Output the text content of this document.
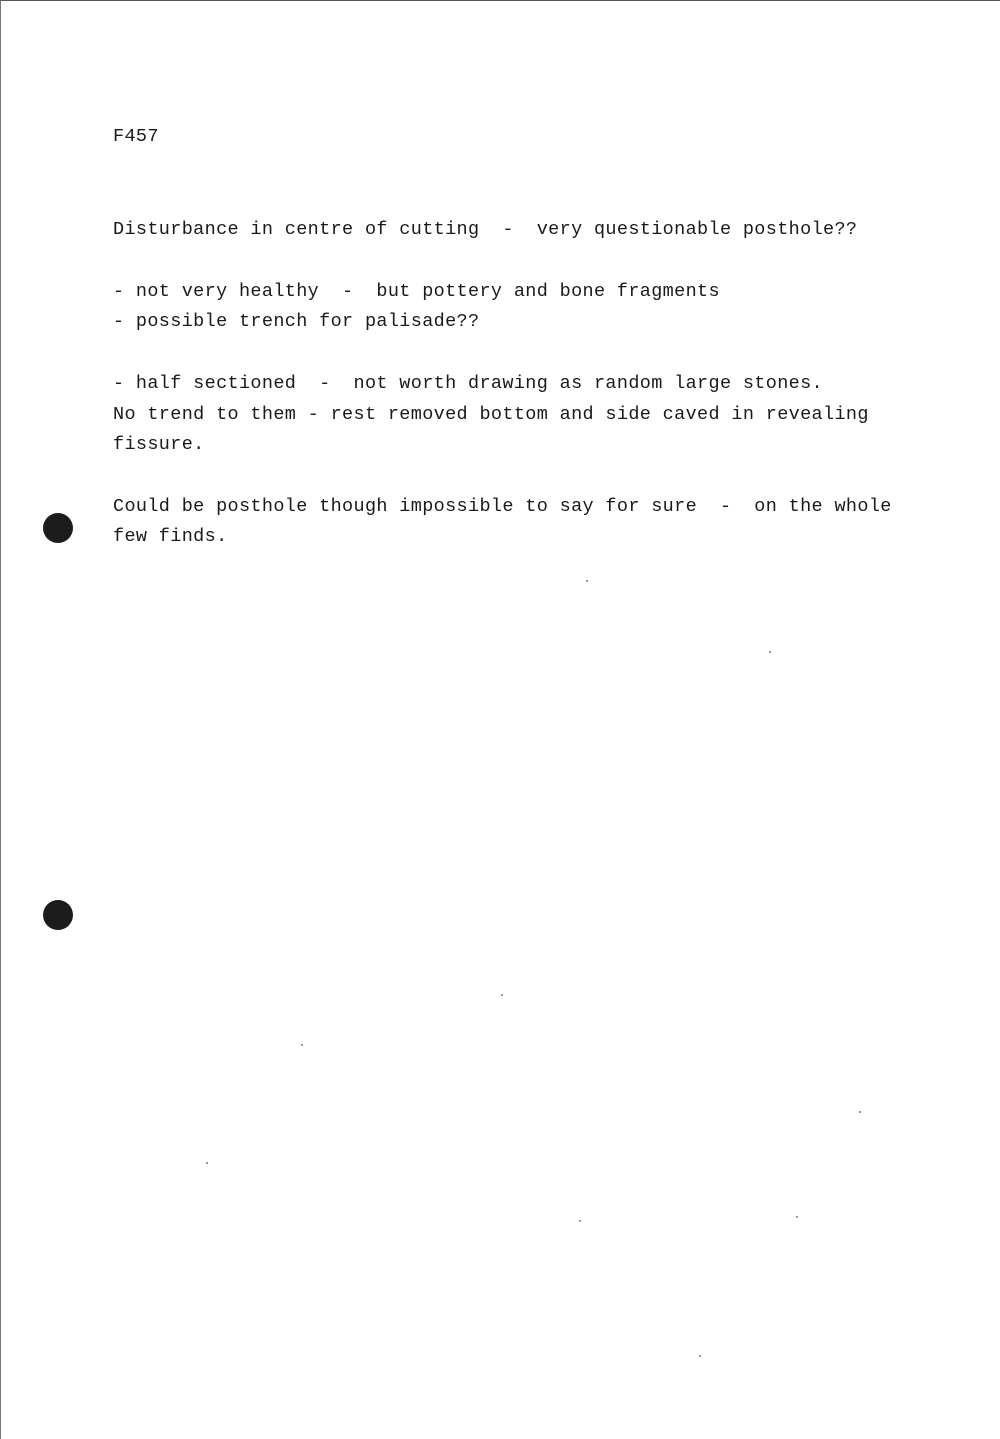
F457
Disturbance in centre of cutting  -  very questionable posthole??
- not very healthy  -  but pottery and bone fragments
- possible trench for palisade??
- half sectioned  -  not worth drawing as random large stones.
No trend to them - rest removed bottom and side caved in revealing
fissure.
Could be posthole though impossible to say for sure  -  on the whole
few finds.
